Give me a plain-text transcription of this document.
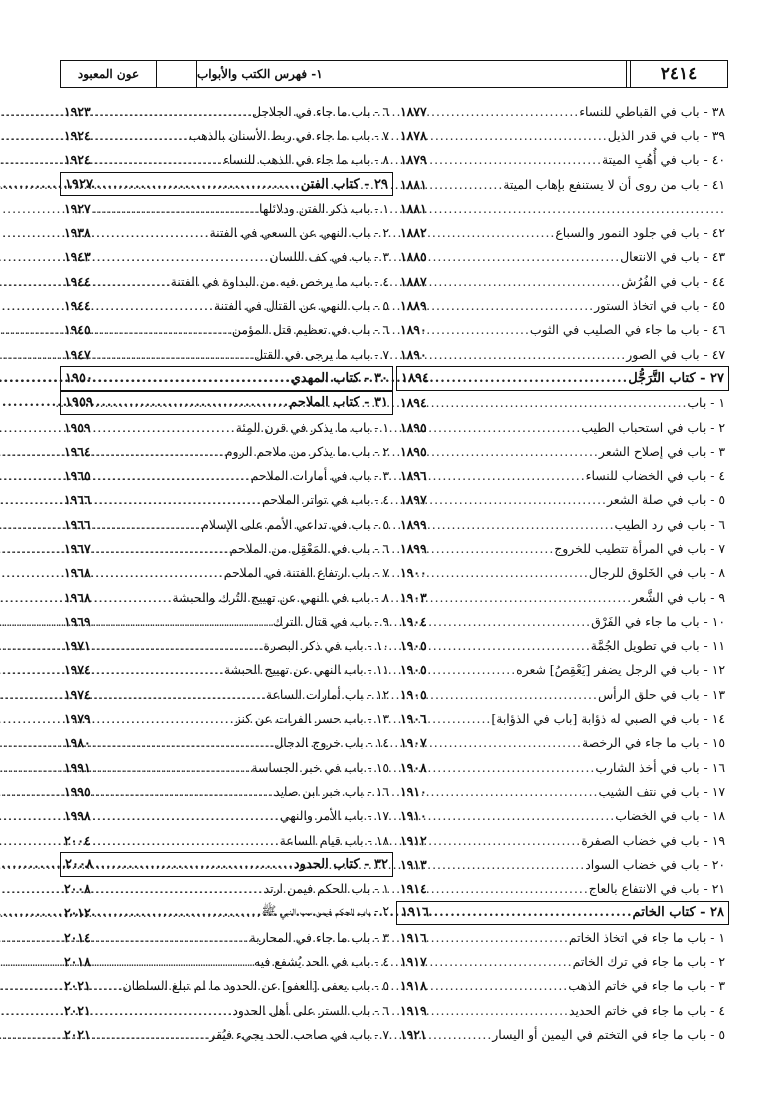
عون المعبود	١- فهرس الكتب والأبواب	٢٤١٤
٣٨ - باب في القباطي للنساء
.....
١٨٧٧
٣٩ - باب في قدر الذيل
.....
١٨٧٨
٤٠ - باب في أُهُبِ الميتة
.....
١٨٧٩
٤١ - باب من روى أن لا يستنفع بإهاب الميتة
.....
١٨٨١
.....
١٨٨١
٤٢ - باب في جلود النمور والسباع
.....
١٨٨٢
٤٣ - باب في الانتعال
.....
١٨٨٥
٤٤ - باب في الفُرُش
.....
١٨٨٧
٤٥ - باب في اتخاذ الستور
.....
١٨٨٩
٤٦ - باب ما جاء في الصليب في الثوب
.....
١٨٩٠
٤٧ - باب في الصور
.....
١٨٩٠
٢٧ - كتاب التَّرَجُّل
.....
١٨٩٤
١ - باب
.....
١٨٩٤
٢ - باب في استحباب الطيب
.....
١٨٩٥
٣ - باب في إصلاح الشعر
.....
١٨٩٥
٤ - باب في الخضاب للنساء
.....
١٨٩٦
٥ - باب في صلة الشعر
.....
١٨٩٧
٦ - باب في رد الطيب
.....
١٨٩٩
٧ - باب في المرأة تتطيب للخروج
.....
١٨٩٩
٨ - باب في الخَلوق للرجال
.....
١٩٠٠
٩ - باب في الشَّعر
.....
١٩٠٣
١٠ - باب ما جاء في الفَرْق
.....
١٩٠٤
١١ - باب في تطويل الجُمَّة
.....
١٩٠٥
١٢ - باب في الرجل يضفر [يَعْقِصُ] شعره
.....
١٩٠٥
١٣ - باب في حلق الرأس
.....
١٩٠٥
١٤ - باب في الصبي له ذؤابة [باب في الذؤابة]
.....
١٩٠٦
١٥ - باب ما جاء في الرخصة
.....
١٩٠٧
١٦ - باب في أخذ الشارب
.....
١٩٠٨
١٧ - باب في نتف الشيب
.....
١٩١٠
١٨ - باب في الخضاب
.....
١٩١٠
١٩ - باب في خضاب الصفرة
.....
١٩١٢
٢٠ - باب في خضاب السواد
.....
١٩١٣
٢١ - باب في الانتفاع بالعاج
.....
١٩١٤
٢٨ - كتاب الخاتم
.....
١٩١٦
١ - باب ما جاء في اتخاذ الخاتم
.....
١٩١٦
٢ - باب ما جاء في ترك الخاتم
.....
١٩١٧
٣ - باب ما جاء في خاتم الذهب
.....
١٩١٨
٤ - باب ما جاء في خاتم الحديد
.....
١٩١٩
٥ - باب ما جاء في التختم في اليمين أو اليسار
.....
١٩٢١
٦ - باب ما جاء في الجلاجل
.....
١٩٢٣
٧ - باب ما جاء في ربط الأسنان بالذهب
.....
١٩٢٤
٨ - باب ما جاء في الذهب للنساء
.....
١٩٢٤
٢٩ - كتاب الفتن
.....
١٩٢٧
١ - باب ذكر الفتن ودلائلها
.....
١٩٢٧
٢ - باب النهي عن السعي في الفتنة
.....
١٩٣٨
٣ - باب في كف اللسان
.....
١٩٤٣
٤ - باب ما يرخص فيه من البداوة في الفتنة
.....
١٩٤٤
٥ - باب النهي عن القتال في الفتنة
.....
١٩٤٤
٦ - باب في تعظيم قتل المؤمن
.....
١٩٤٥
٧ - باب ما يرجى في القتل
.....
١٩٤٧
٣٠ - كتاب المهدي
.....
١٩٥٠
٣١ - كتاب الملاحم
.....
١٩٥٩
١ - باب ما يذكر في قرن المِئة
.....
١٩٥٩
٢ - باب ما يذكر من ملاحم الروم
.....
١٩٦٤
٣ - باب في أمارات الملاحم
.....
١٩٦٥
٤ - باب في تواتر الملاحم
.....
١٩٦٦
٥ - باب في تداعي الأمم على الإسلام
.....
١٩٦٦
٦ - باب في المَعْقِل من الملاحم
.....
١٩٦٧
٧ - باب ارتفاع الفتنة في الملاحم
.....
١٩٦٨
٨ - باب في النهي عن تهييج التُرك والحبشة
.....
١٩٦٨
٩ - باب في قتال الترك
.....
١٩٦٩
١٠ - باب في ذكر البصرة
.....
١٩٧١
١١ - باب النهي عن تهييج الحبشة
.....
١٩٧٤
١٢ - باب أمارات الساعة
.....
١٩٧٤
١٣ - باب حسر الفرات عن كنز
.....
١٩٧٩
١٤ - باب خروج الدجال
.....
١٩٨٠
١٥ - باب في خبر الجساسة
.....
١٩٩١
١٦ - باب خبر ابن صايد
.....
١٩٩٥
١٧ - باب الأمر والنهي
.....
١٩٩٨
١٨ - باب قيام الساعة
.....
٢٠٠٤
٣٢ - كتاب الحدود
.....
٢٠٠٨
١ - باب الحكم فيمن ارتد
.....
٢٠٠٨
٢ - باب الحكم فيمن سب النبي ﷺ
.....
٢٠١٢
٣ - باب ما جاء في المحاربة
.....
٢٠١٤
٤ - باب في الحد يُشفع فيه
.....
٢٠١٨
٥ - باب يعفى [العفو] عن الحدود ما لم تبلغ السلطان
.....
٢٠٢١
٦ - باب الستر على أهل الحدود
.....
٢٠٢١
٧ - باب في صاحب الحد يجيء فيُقر
.....
٢٠٢١
